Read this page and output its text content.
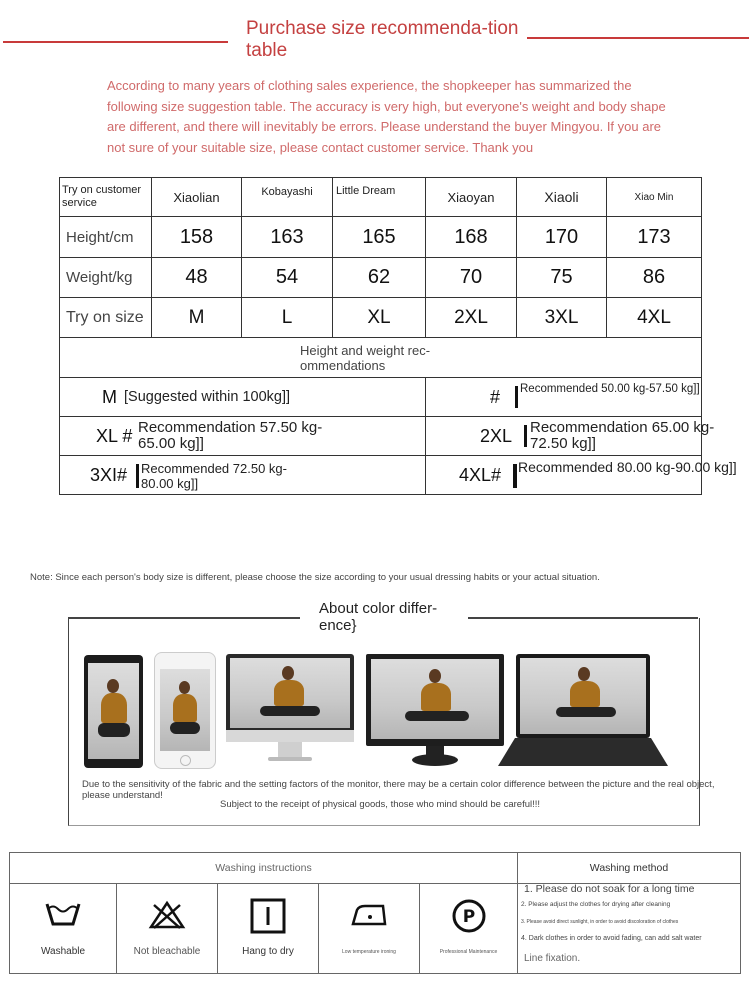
Purchase size recommenda-tion table
According to many years of clothing sales experience, the shopkeeper has summarized the following size suggestion table. The accuracy is very high, but everyone's weight and body shape are different, and there will inevitably be errors. Please understand the buyer Mingyou. If you are not sure of your suitable size, please contact customer service. Thank you
Try on customer service	Xiaolian	Kobayashi	Little Dream	Xiaoyan	Xiaoli	Xiao Min
Height/cm	158	163	165	168	170	173
Weight/kg	48	54	62	70	75	86
Try on size	M	L	XL	2XL	3XL	4XL

Height and weight rec-ommendations						

M [Suggested within 100kg]]				# Recommended 50.00 kg-57.50 kg]]		

XL # Recommendation 57.50 kg-65.00 kg]]				2XL Recommendation 65.00 kg-72.50 kg]]		

3XI# Recommended 72.50 kg-80.00 kg]]				4XL# Recommended 80.00 kg-90.00 kg]]		
Note: Since each person's body size is different, please choose the size according to your usual dressing habits or your actual situation.
About color differ-ence}
Due to the sensitivity of the fabric and the setting factors of the monitor, there may be a certain color difference between the picture and the real object, please understand!
Subject to the receipt of physical goods, those who mind should be careful!!!
Washing instructions	Washing method
Washable	Not bleachable	Hang to dry	Low temperature ironing
P
Professional Maintenance
1. Please do not soak for a long time
2. Please adjust the clothes for drying after cleaning
3. Please avoid direct sunlight, in order to avoid discoloration of clothes
4. Dark clothes in order to avoid fading, can add salt water
Line fixation.
